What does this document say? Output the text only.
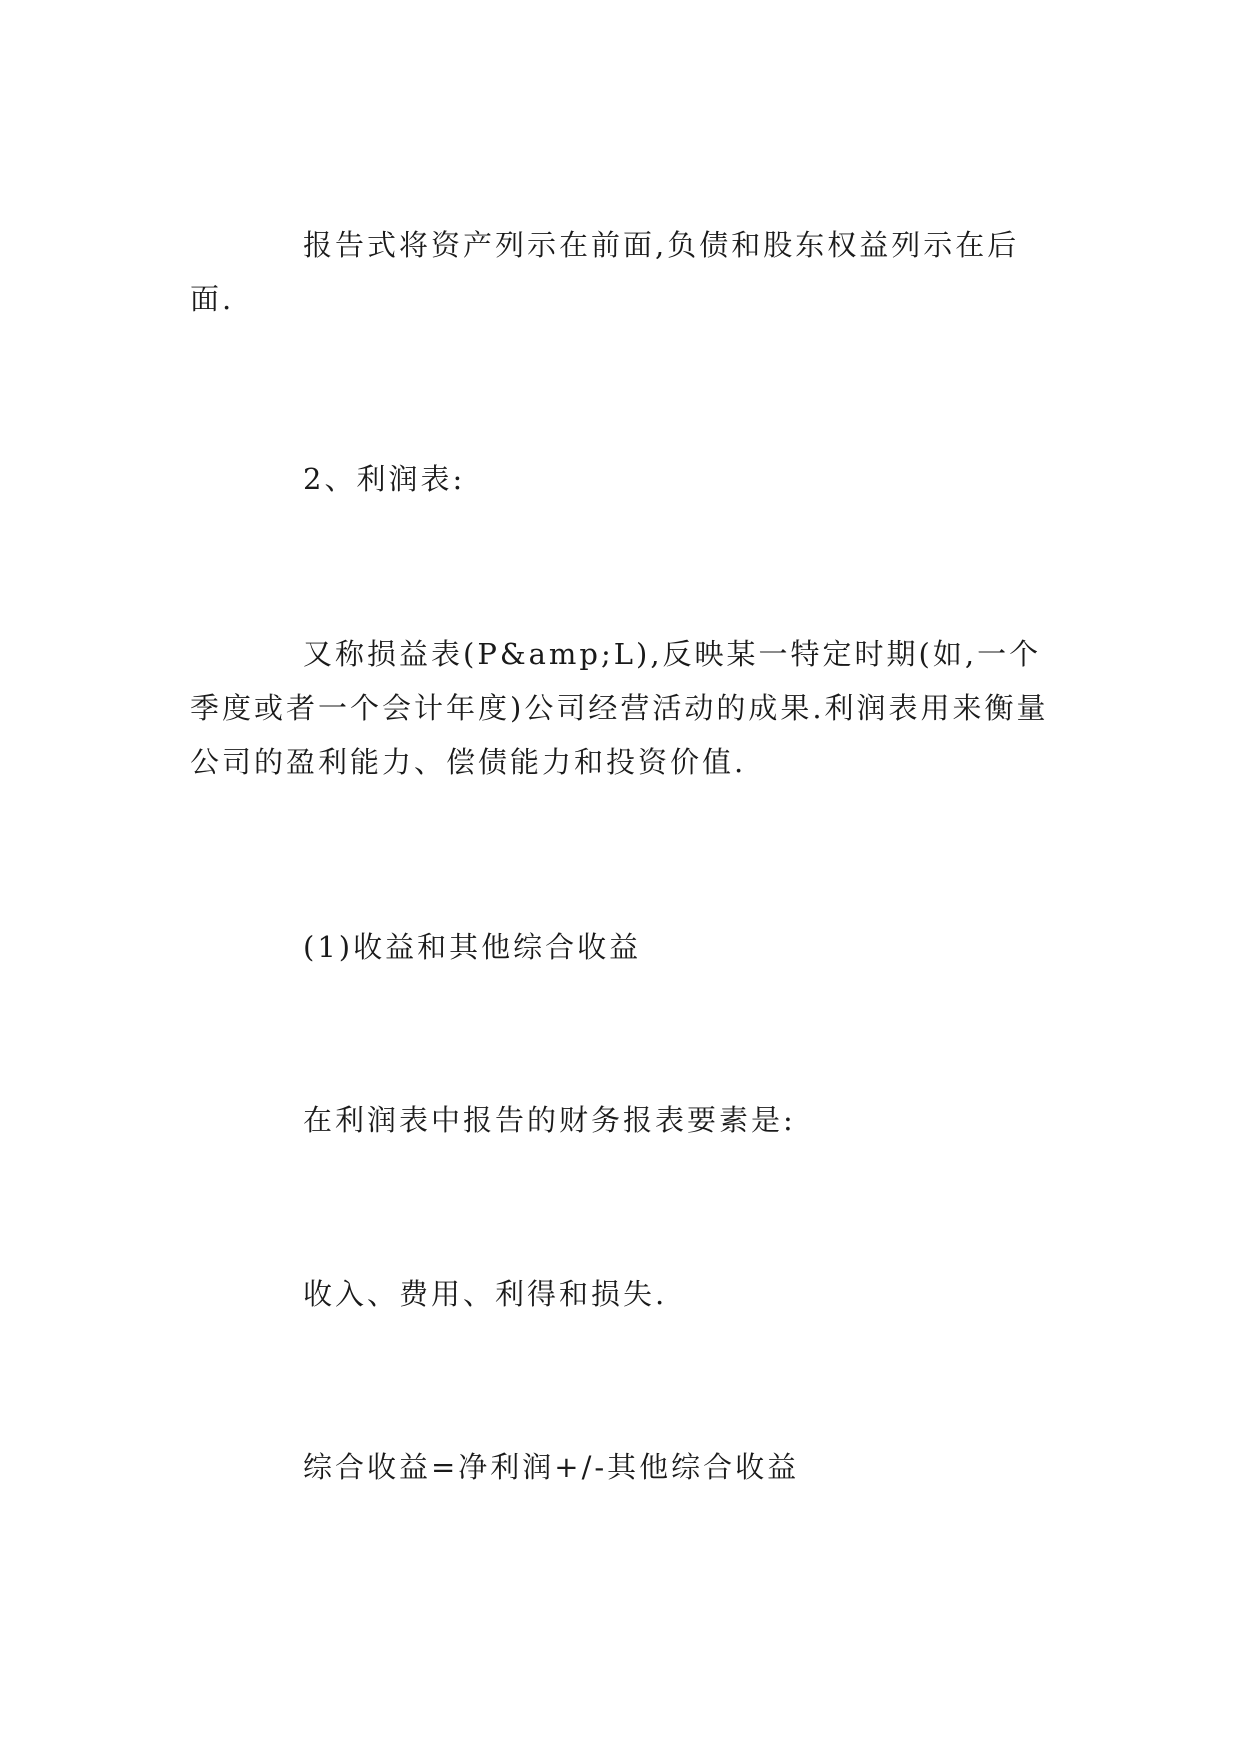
报告式将资产列示在前面,负债和股东权益列示在后面.

2、利润表:

又称损益表(P&amp;L),反映某一特定时期(如,一个季度或者一个会计年度)公司经营活动的成果.利润表用来衡量公司的盈利能力、偿债能力和投资价值.

(1)收益和其他综合收益

在利润表中报告的财务报表要素是:

收入、费用、利得和损失.

综合收益=净利润+/-其他综合收益
